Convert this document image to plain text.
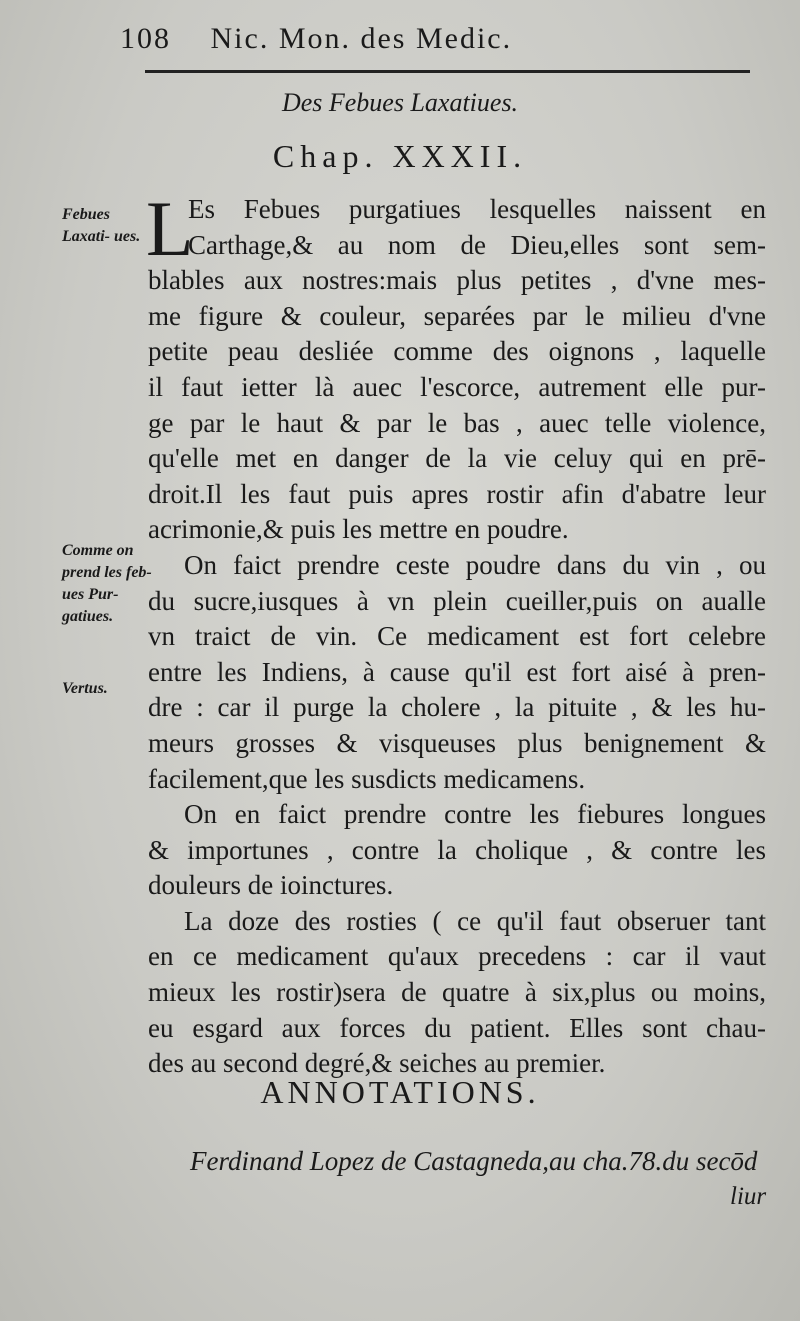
108 Nic. Mon. des Medic.
Des Febues Laxatiues.
Chap. XXXII.
Febues Laxati- ues.
Comme on prend les feb- ues Pur- gatiues.
Vertus.
L
Es Febues purgatiues lesquelles naissent en
Carthage,& au nom de Dieu,elles sont sem-
blables aux nostres:mais plus petites , d'vne mes-
me figure & couleur, separées par le milieu d'vne
petite peau desliée comme des oignons , laquelle
il faut ietter là auec l'escorce, autrement elle pur-
ge par le haut & par le bas , auec telle violence,
qu'elle met en danger de la vie celuy qui en prē-
droit.Il les faut puis apres rostir afin d'abatre leur
acrimonie,& puis les mettre en poudre.
On faict prendre ceste poudre dans du vin , ou
du sucre,iusques à vn plein cueiller,puis on aualle
vn traict de vin. Ce medicament est fort celebre
entre les Indiens, à cause qu'il est fort aisé à pren-
dre : car il purge la cholere , la pituite , & les hu-
meurs grosses & visqueuses plus benignement &
facilement,que les susdicts medicamens.
On en faict prendre contre les fiebures longues
& importunes , contre la cholique , & contre les
douleurs de ioinctures.
La doze des rosties ( ce qu'il faut obseruer tant
en ce medicament qu'aux precedens : car il vaut
mieux les rostir)sera de quatre à six,plus ou moins,
eu esgard aux forces du patient. Elles sont chau-
des au second degré,& seiches au premier.
ANNOTATIONS.
Ferdinand Lopez de Castagneda,au cha.78.du secōd
liur
